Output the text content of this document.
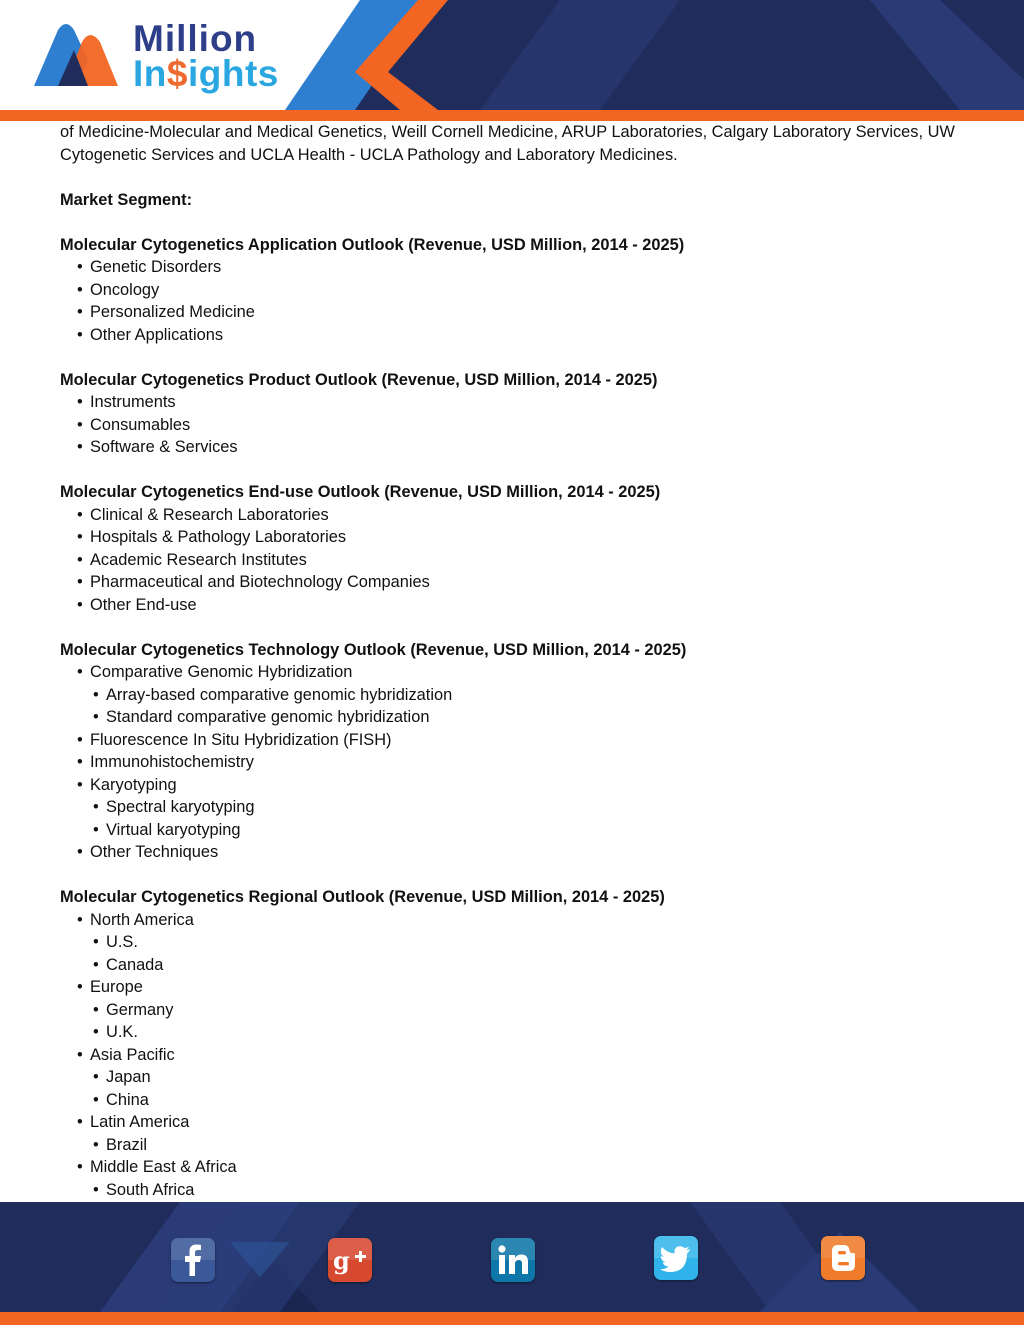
Million
In$ights

of Medicine-Molecular and Medical Genetics, Weill Cornell Medicine, ARUP Laboratories, Calgary Laboratory Services, UW Cytogenetic Services and UCLA Health - UCLA Pathology and Laboratory Medicines.

Market Segment:

Molecular Cytogenetics Application Outlook (Revenue, USD Million, 2014 - 2025)
• Genetic Disorders
• Oncology
• Personalized Medicine
• Other Applications
Molecular Cytogenetics Product Outlook (Revenue, USD Million, 2014 - 2025)
• Instruments
• Consumables
• Software & Services
Molecular Cytogenetics End-use Outlook (Revenue, USD Million, 2014 - 2025)
• Clinical & Research Laboratories
• Hospitals & Pathology Laboratories
• Academic Research Institutes
• Pharmaceutical and Biotechnology Companies
• Other End-use
Molecular Cytogenetics Technology Outlook (Revenue, USD Million, 2014 - 2025)
• Comparative Genomic Hybridization
• Array-based comparative genomic hybridization
• Standard comparative genomic hybridization
• Fluorescence In Situ Hybridization (FISH)
• Immunohistochemistry
• Karyotyping
• Spectral karyotyping
• Virtual karyotyping
• Other Techniques
Molecular Cytogenetics Regional Outlook (Revenue, USD Million, 2014 - 2025)
• North America
• U.S.
• Canada
• Europe
• Germany
• U.K.
• Asia Pacific
• Japan
• China
• Latin America
• Brazil
• Middle East & Africa
• South Africa
g
